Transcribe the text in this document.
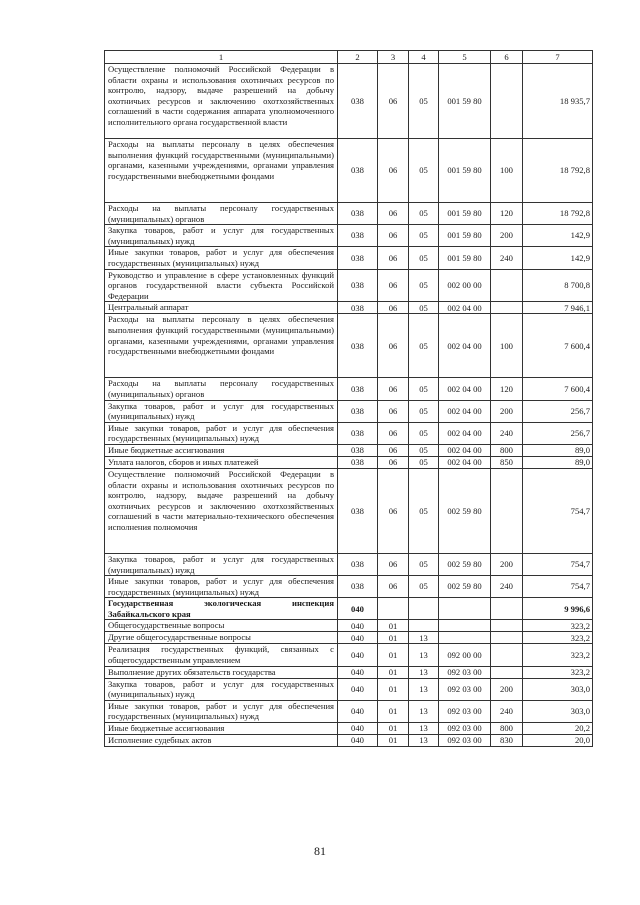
1	2	3	4	5	6	7
Осуществление полномочий Российской Федерации в области охраны и использования охотничьих ресурсов по контролю, надзору, выдаче разрешений на добычу охотничьих ресурсов и заключению охотхозяйственных соглашений в части содержания аппарата уполномоченного исполнительного органа государственной власти	038	06	05	001 59 80		18 935,7
Расходы на выплаты персоналу в целях обеспечения выполнения функций государственными (муниципальными) органами, казенными учреждениями, органами управления государственными внебюджетными фондами	038	06	05	001 59 80	100	18 792,8
Расходы на выплаты персоналу государственных (муниципальных) органов	038	06	05	001 59 80	120	18 792,8
Закупка товаров, работ и услуг для государственных (муниципальных) нужд	038	06	05	001 59 80	200	142,9
Иные закупки товаров, работ и услуг для обеспечения государственных (муниципальных) нужд	038	06	05	001 59 80	240	142,9
Руководство и управление в сфере установленных функций органов государственной власти субъекта Российской Федерации	038	06	05	002 00 00		8 700,8
Центральный аппарат	038	06	05	002 04 00		7 946,1
Расходы на выплаты персоналу в целях обеспечения выполнения функций государственными (муниципальными) органами, казенными учреждениями, органами управления государственными внебюджетными фондами	038	06	05	002 04 00	100	7 600,4
Расходы на выплаты персоналу государственных (муниципальных) органов	038	06	05	002 04 00	120	7 600,4
Закупка товаров, работ и услуг для государственных (муниципальных) нужд	038	06	05	002 04 00	200	256,7
Иные закупки товаров, работ и услуг для обеспечения государственных (муниципальных) нужд	038	06	05	002 04 00	240	256,7
Иные бюджетные ассигнования	038	06	05	002 04 00	800	89,0
Уплата налогов, сборов и иных платежей	038	06	05	002 04 00	850	89,0
Осуществление полномочий Российской Федерации в области охраны и использования охотничьих ресурсов по контролю, надзору, выдаче разрешений на добычу охотничьих ресурсов и заключению охотхозяйственных соглашений в части материально-технического обеспечения исполнения полномочия	038	06	05	002 59 80		754,7
Закупка товаров, работ и услуг для государственных (муниципальных) нужд	038	06	05	002 59 80	200	754,7
Иные закупки товаров, работ и услуг для обеспечения государственных (муниципальных) нужд	038	06	05	002 59 80	240	754,7
Государственная экологическая инспекция Забайкальского края	040					9 996,6
Общегосударственные вопросы	040	01				323,2
Другие общегосударственные вопросы	040	01	13			323,2
Реализация государственных функций, связанных с общегосударственным управлением	040	01	13	092 00 00		323,2
Выполнение других обязательств государства	040	01	13	092 03 00		323,2
Закупка товаров, работ и услуг для государственных (муниципальных) нужд	040	01	13	092 03 00	200	303,0
Иные закупки товаров, работ и услуг для обеспечения государственных (муниципальных) нужд	040	01	13	092 03 00	240	303,0
Иные бюджетные ассигнования	040	01	13	092 03 00	800	20,2
Исполнение судебных актов	040	01	13	092 03 00	830	20,0
81
